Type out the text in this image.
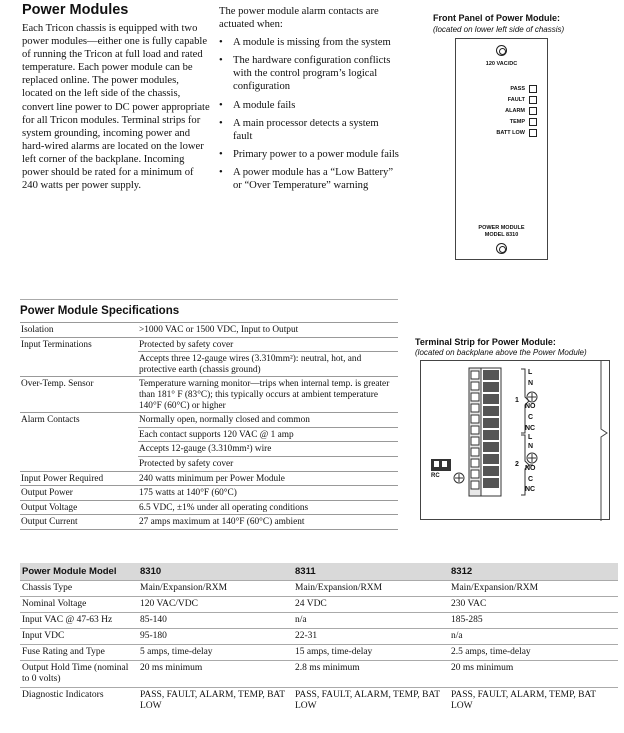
Power Modules
Each Tricon chassis is equipped with two power modules—either one is fully capable of running the Tricon at full load and rated temperature. Each power module can be replaced online. The power modules, located on the left side of the chassis, convert line power to DC power appropriate for all Tricon modules. Terminal strips for system grounding, incoming power and hard-wired alarms are located on the lower left corner of the backplane. Incoming power should be rated for a minimum of 240 watts per power supply.
The power module alarm contacts are actuated when:
• A module is missing from the system
• The hardware configuration conflicts with the control program’s logical configuration
• A module fails
• A main processor detects a system fault
• Primary power to a power module fails
• A power module has a “Low Battery” or “Over Temperature” warning
Front Panel of Power Module:
(located on lower left side of chassis)
120 VAC/DC
PASS
FAULT
ALARM
TEMP
BATT LOW
POWER MODULE
MODEL 8310
Power Module Specifications
Isolation	>1000 VAC or 1500 VDC, Input to Output
Input Terminations	Protected by safety cover
Accepts three 12-gauge wires (3.310mm²): neutral, hot, and protective earth (chassis ground)
Over-Temp. Sensor	Temperature warning monitor—trips when internal temp. is greater than 181° F (83°C); this typically occurs at ambient temperature 140°F (60°C) or higher
Alarm Contacts	Normally open, normally closed and common
Each contact supports 120 VAC @ 1 amp
Accepts 12-gauge (3.310mm²) wire
Protected by safety cover
Input Power Required	240 watts minimum per Power Module
Output Power	175 watts at 140°F (60°C)
Output Voltage	6.5 VDC, ±1% under all operating conditions
Output Current	27 amps maximum at 140°F (60°C) ambient
Terminal Strip for Power Module:
(located on backplane above the Power Module)
L
N
NO
C
NC
L
N
NO
C
NC
1
2
RC
Power Module Model	8310	8311	8312
Chassis Type	Main/Expansion/RXM	Main/Expansion/RXM	Main/Expansion/RXM
Nominal Voltage	120 VAC/VDC	24 VDC	230 VAC
Input VAC @ 47-63 Hz	85-140	n/a	185-285
Input VDC	95-180	22-31	n/a
Fuse Rating and Type	5 amps, time-delay	15 amps, time-delay	2.5 amps, time-delay
Output Hold Time (nominal to 0 volts)	20 ms minimum	2.8 ms minimum	20 ms minimum
Diagnostic Indicators	PASS, FAULT, ALARM, TEMP, BAT LOW	PASS, FAULT, ALARM, TEMP, BAT LOW	PASS, FAULT, ALARM, TEMP, BAT LOW
